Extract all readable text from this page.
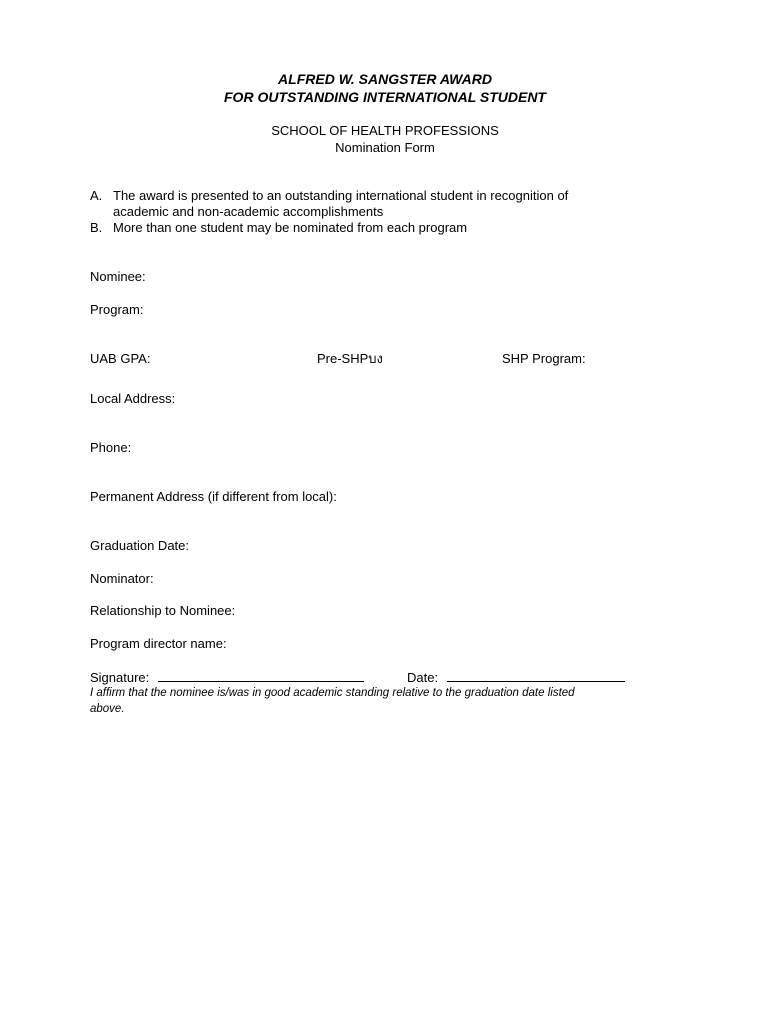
ALFRED W. SANGSTER AWARD
FOR OUTSTANDING INTERNATIONAL STUDENT
SCHOOL OF HEALTH PROFESSIONS
Nomination Form
A. The award is presented to an outstanding international student in recognition of academic and non-academic accomplishments
B. More than one student may be nominated from each program
Nominee:
Program:
UAB GPA:	Pre-SHPบง	SHP Program:
Local Address:
Phone:
Permanent Address (if different from local):
Graduation Date:
Nominator:
Relationship to Nominee:
Program director name:
Signature:	Date:
I affirm that the nominee is/was in good academic standing relative to the graduation date listed above.
